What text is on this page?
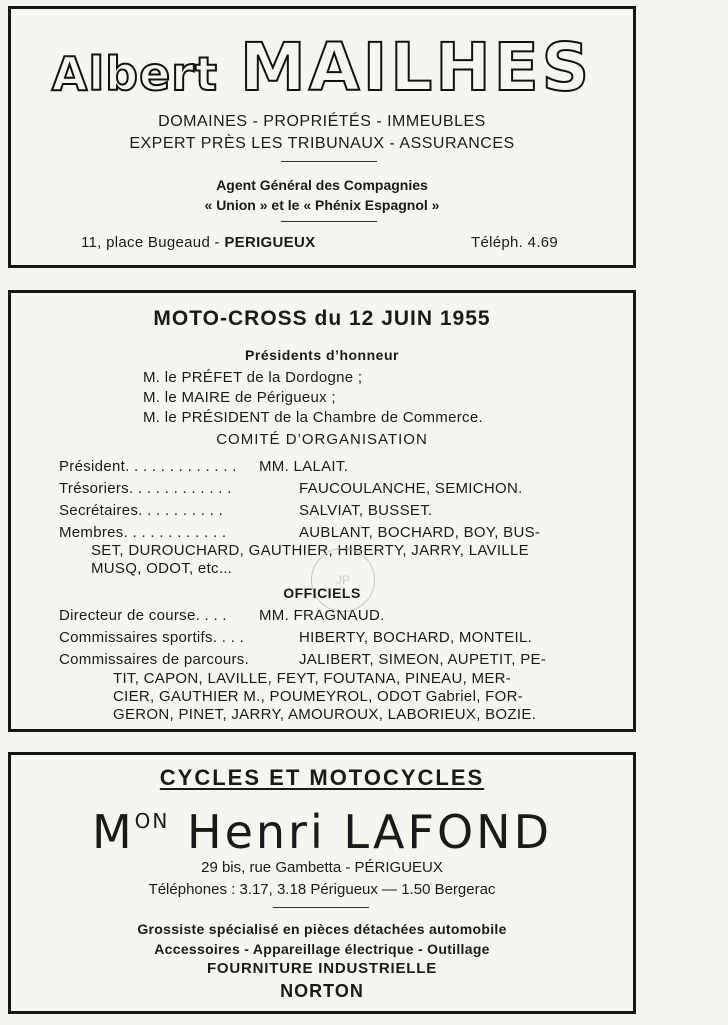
Albert MAILHES
DOMAINES - PROPRIÉTÉS - IMMEUBLES
EXPERT PRÈS LES TRIBUNAUX - ASSURANCES
Agent Général des Compagnies
« Union » et le « Phénix Espagnol »
11, place Bugeaud - PERIGUEUX	Téléph. 4.69
MOTO-CROSS du 12 JUIN 1955
Présidents d’honneur
M. le PRÉFET de la Dordogne ;
M. le MAIRE de Périgueux ;
M. le PRÉSIDENT de la Chambre de Commerce.
COMITÉ D’ORGANISATION
Président. . . . . . . . . . . . . MM. LALAIT.
Trésoriers. . . . . . . . . . . .	FAUCOULANCHE, SEMICHON.
Secrétaires. . . . . . . . . .	SALVIAT, BUSSET.
Membres. . . . . . . . . . . .	AUBLANT, BOCHARD, BOY, BUS-
SET, DUROUCHARD, GAUTHIER, HIBERTY, JARRY, LAVILLE
MUSQ, ODOT, etc...
JP
OFFICIELS
Directeur de course. . . . MM. FRAGNAUD.
Commissaires sportifs. . . .	HIBERTY, BOCHARD, MONTEIL.
Commissaires de parcours.	JALIBERT, SIMEON, AUPETIT, PE-
TIT, CAPON, LAVILLE, FEYT, FOUTANA, PINEAU, MER-
CIER, GAUTHIER M., POUMEYROL, ODOT Gabriel, FOR-
GERON, PINET, JARRY, AMOUROUX, LABORIEUX, BOZIE.
CYCLES ET MOTOCYCLES
$M^{ON}$ Henri LAFOND
29 bis, rue Gambetta - PÉRIGUEUX
Téléphones : 3.17, 3.18 Périgueux — 1.50 Bergerac
Grossiste spécialisé en pièces détachées automobile
Accessoires - Appareillage électrique - Outillage
FOURNITURE INDUSTRIELLE
NORTON
